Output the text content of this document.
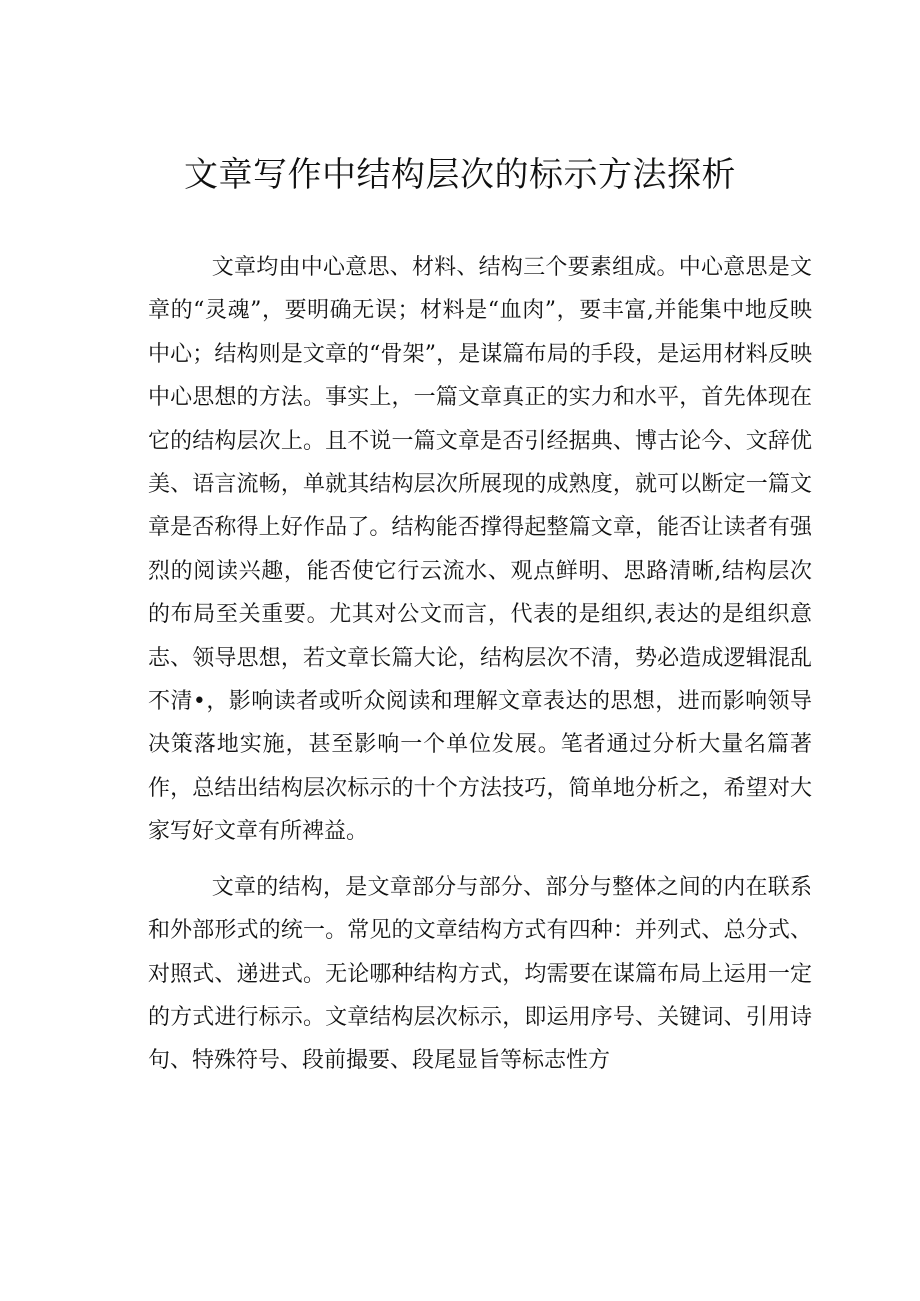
文章写作中结构层次的标示方法探析

文章均由中心意思、材料、结构三个要素组成。中心意思是文章的“灵魂”，要明确无误；材料是“血肉”，要丰富,并能集中地反映中心；结构则是文章的“骨架”，是谋篇布局的手段，是运用材料反映中心思想的方法。事实上，一篇文章真正的实力和水平，首先体现在它的结构层次上。且不说一篇文章是否引经据典、博古论今、文辞优美、语言流畅，单就其结构层次所展现的成熟度，就可以断定一篇文章是否称得上好作品了。结构能否撑得起整篇文章，能否让读者有强烈的阅读兴趣，能否使它行云流水、观点鲜明、思路清晰,结构层次的布局至关重要。尤其对公文而言，代表的是组织,表达的是组织意志、领导思想，若文章长篇大论，结构层次不清，势必造成逻辑混乱不清•，影响读者或听众阅读和理解文章表达的思想，进而影响领导决策落地实施，甚至影响一个单位发展。笔者通过分析大量名篇著作，总结出结构层次标示的十个方法技巧，简单地分析之，希望对大家写好文章有所裨益。

文章的结构，是文章部分与部分、部分与整体之间的内在联系和外部形式的统一。常见的文章结构方式有四种：并列式、总分式、对照式、递进式。无论哪种结构方式，均需要在谋篇布局上运用一定的方式进行标示。文章结构层次标示，即运用序号、关键词、引用诗句、特殊符号、段前撮要、段尾显旨等标志性方
